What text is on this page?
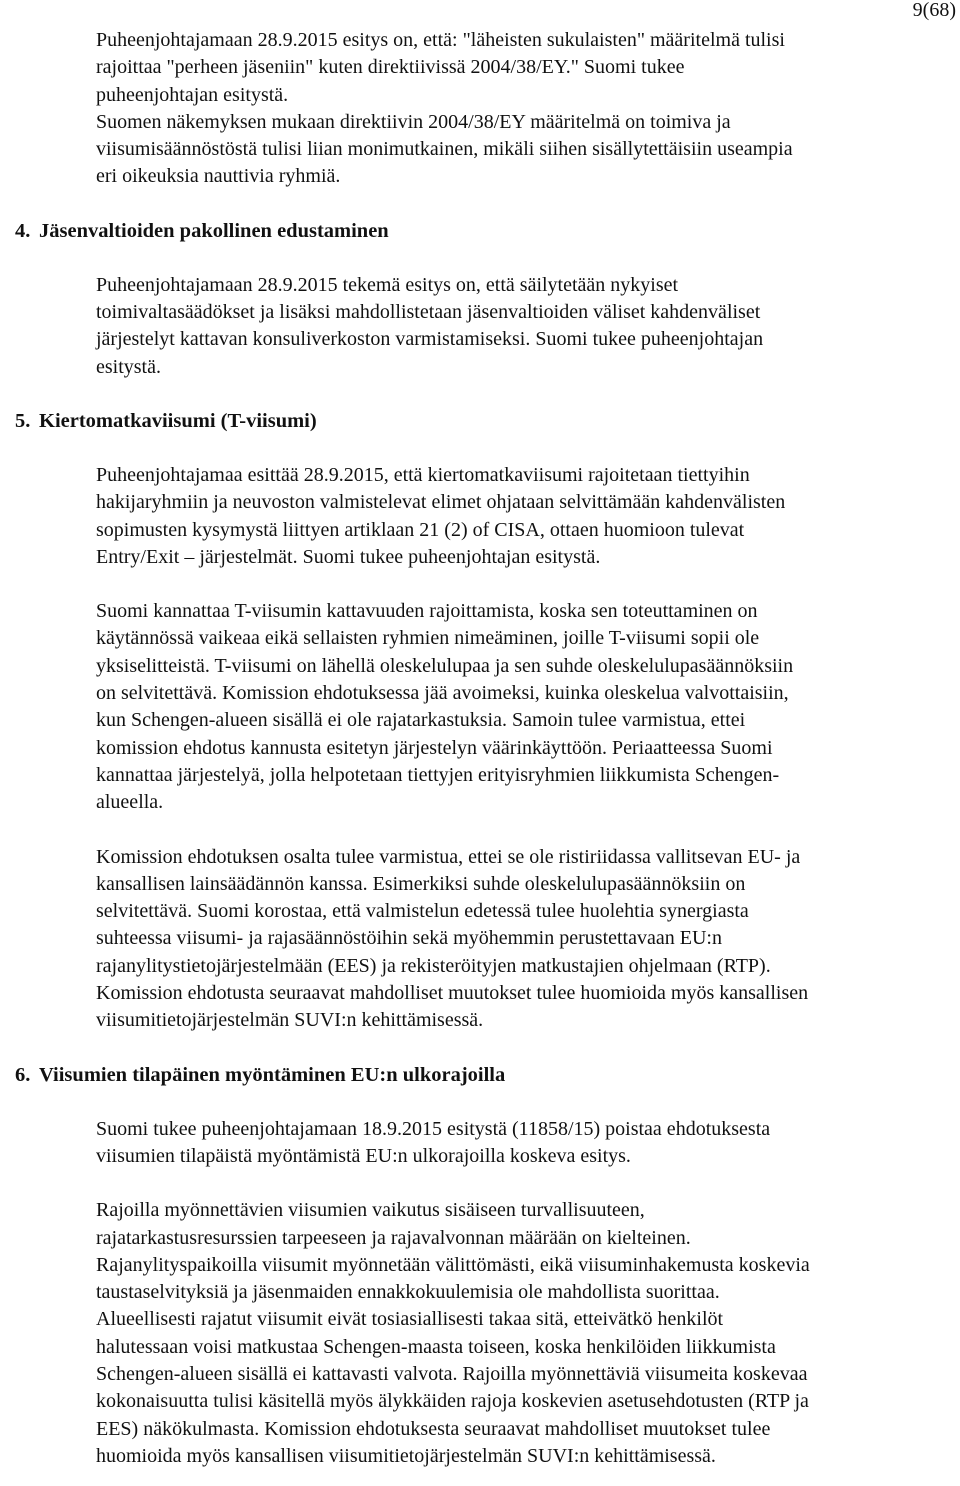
9(68)

Puheenjohtajamaan 28.9.2015 esitys on, että: "läheisten sukulaisten" määritelmä tulisi
rajoittaa "perheen jäseniin" kuten direktiivissä 2004/38/EY." Suomi tukee
puheenjohtajan esitystä.
Suomen näkemyksen mukaan direktiivin 2004/38/EY määritelmä on toimiva ja
viisumisäännöstöstä tulisi liian monimutkainen, mikäli siihen sisällytettäisiin useampia
eri oikeuksia nauttivia ryhmiä.

4. Jäsenvaltioiden pakollinen edustaminen

Puheenjohtajamaan 28.9.2015 tekemä esitys on, että säilytetään nykyiset
toimivaltasäädökset ja lisäksi mahdollistetaan jäsenvaltioiden väliset kahdenväliset
järjestelyt kattavan konsuliverkoston varmistamiseksi. Suomi tukee puheenjohtajan
esitystä.

5. Kiertomatkaviisumi (T-viisumi)

Puheenjohtajamaa esittää 28.9.2015, että kiertomatkaviisumi rajoitetaan tiettyihin
hakijaryhmiin ja neuvoston valmistelevat elimet ohjataan selvittämään kahdenvälisten
sopimusten kysymystä liittyen artiklaan 21 (2) of CISA, ottaen huomioon tulevat
Entry/Exit – järjestelmät. Suomi tukee puheenjohtajan esitystä.

Suomi kannattaa T-viisumin kattavuuden rajoittamista, koska sen toteuttaminen on
käytännössä vaikeaa eikä sellaisten ryhmien nimeäminen, joille T-viisumi sopii ole
yksiselitteistä. T-viisumi on lähellä oleskelulupaa ja sen suhde oleskelulupasäännöksiin
on selvitettävä. Komission ehdotuksessa jää avoimeksi, kuinka oleskelua valvottaisiin,
kun Schengen-alueen sisällä ei ole rajatarkastuksia. Samoin tulee varmistua, ettei
komission ehdotus kannusta esitetyn järjestelyn väärinkäyttöön. Periaatteessa Suomi
kannattaa järjestelyä, jolla helpotetaan tiettyjen erityisryhmien liikkumista Schengen-
alueella.

Komission ehdotuksen osalta tulee varmistua, ettei se ole ristiriidassa vallitsevan EU- ja
kansallisen lainsäädännön kanssa. Esimerkiksi suhde oleskelulupasäännöksiin on
selvitettävä. Suomi korostaa, että valmistelun edetessä tulee huolehtia synergiasta
suhteessa viisumi- ja rajasäännöstöihin sekä myöhemmin perustettavaan EU:n
rajanylitystietojärjestelmään (EES) ja rekisteröityjen matkustajien ohjelmaan (RTP).
Komission ehdotusta seuraavat mahdolliset muutokset tulee huomioida myös kansallisen
viisumitietojärjestelmän SUVI:n kehittämisessä.

6. Viisumien tilapäinen myöntäminen EU:n ulkorajoilla

Suomi tukee puheenjohtajamaan 18.9.2015 esitystä (11858/15) poistaa ehdotuksesta
viisumien tilapäistä myöntämistä EU:n ulkorajoilla koskeva esitys.

Rajoilla myönnettävien viisumien vaikutus sisäiseen turvallisuuteen,
rajatarkastusresurssien tarpeeseen ja rajavalvonnan määrään on kielteinen.
Rajanylityspaikoilla viisumit myönnetään välittömästi, eikä viisuminhakemusta koskevia
taustaselvityksiä ja jäsenmaiden ennakkokuulemisia ole mahdollista suorittaa.
Alueellisesti rajatut viisumit eivät tosiasiallisesti takaa sitä, etteivätkö henkilöt
halutessaan voisi matkustaa Schengen-maasta toiseen, koska henkilöiden liikkumista
Schengen-alueen sisällä ei kattavasti valvota. Rajoilla myönnettäviä viisumeita koskevaa
kokonaisuutta tulisi käsitellä myös älykkäiden rajoja koskevien asetusehdotusten (RTP ja
EES) näkökulmasta. Komission ehdotuksesta seuraavat mahdolliset muutokset tulee
huomioida myös kansallisen viisumitietojärjestelmän SUVI:n kehittämisessä.
